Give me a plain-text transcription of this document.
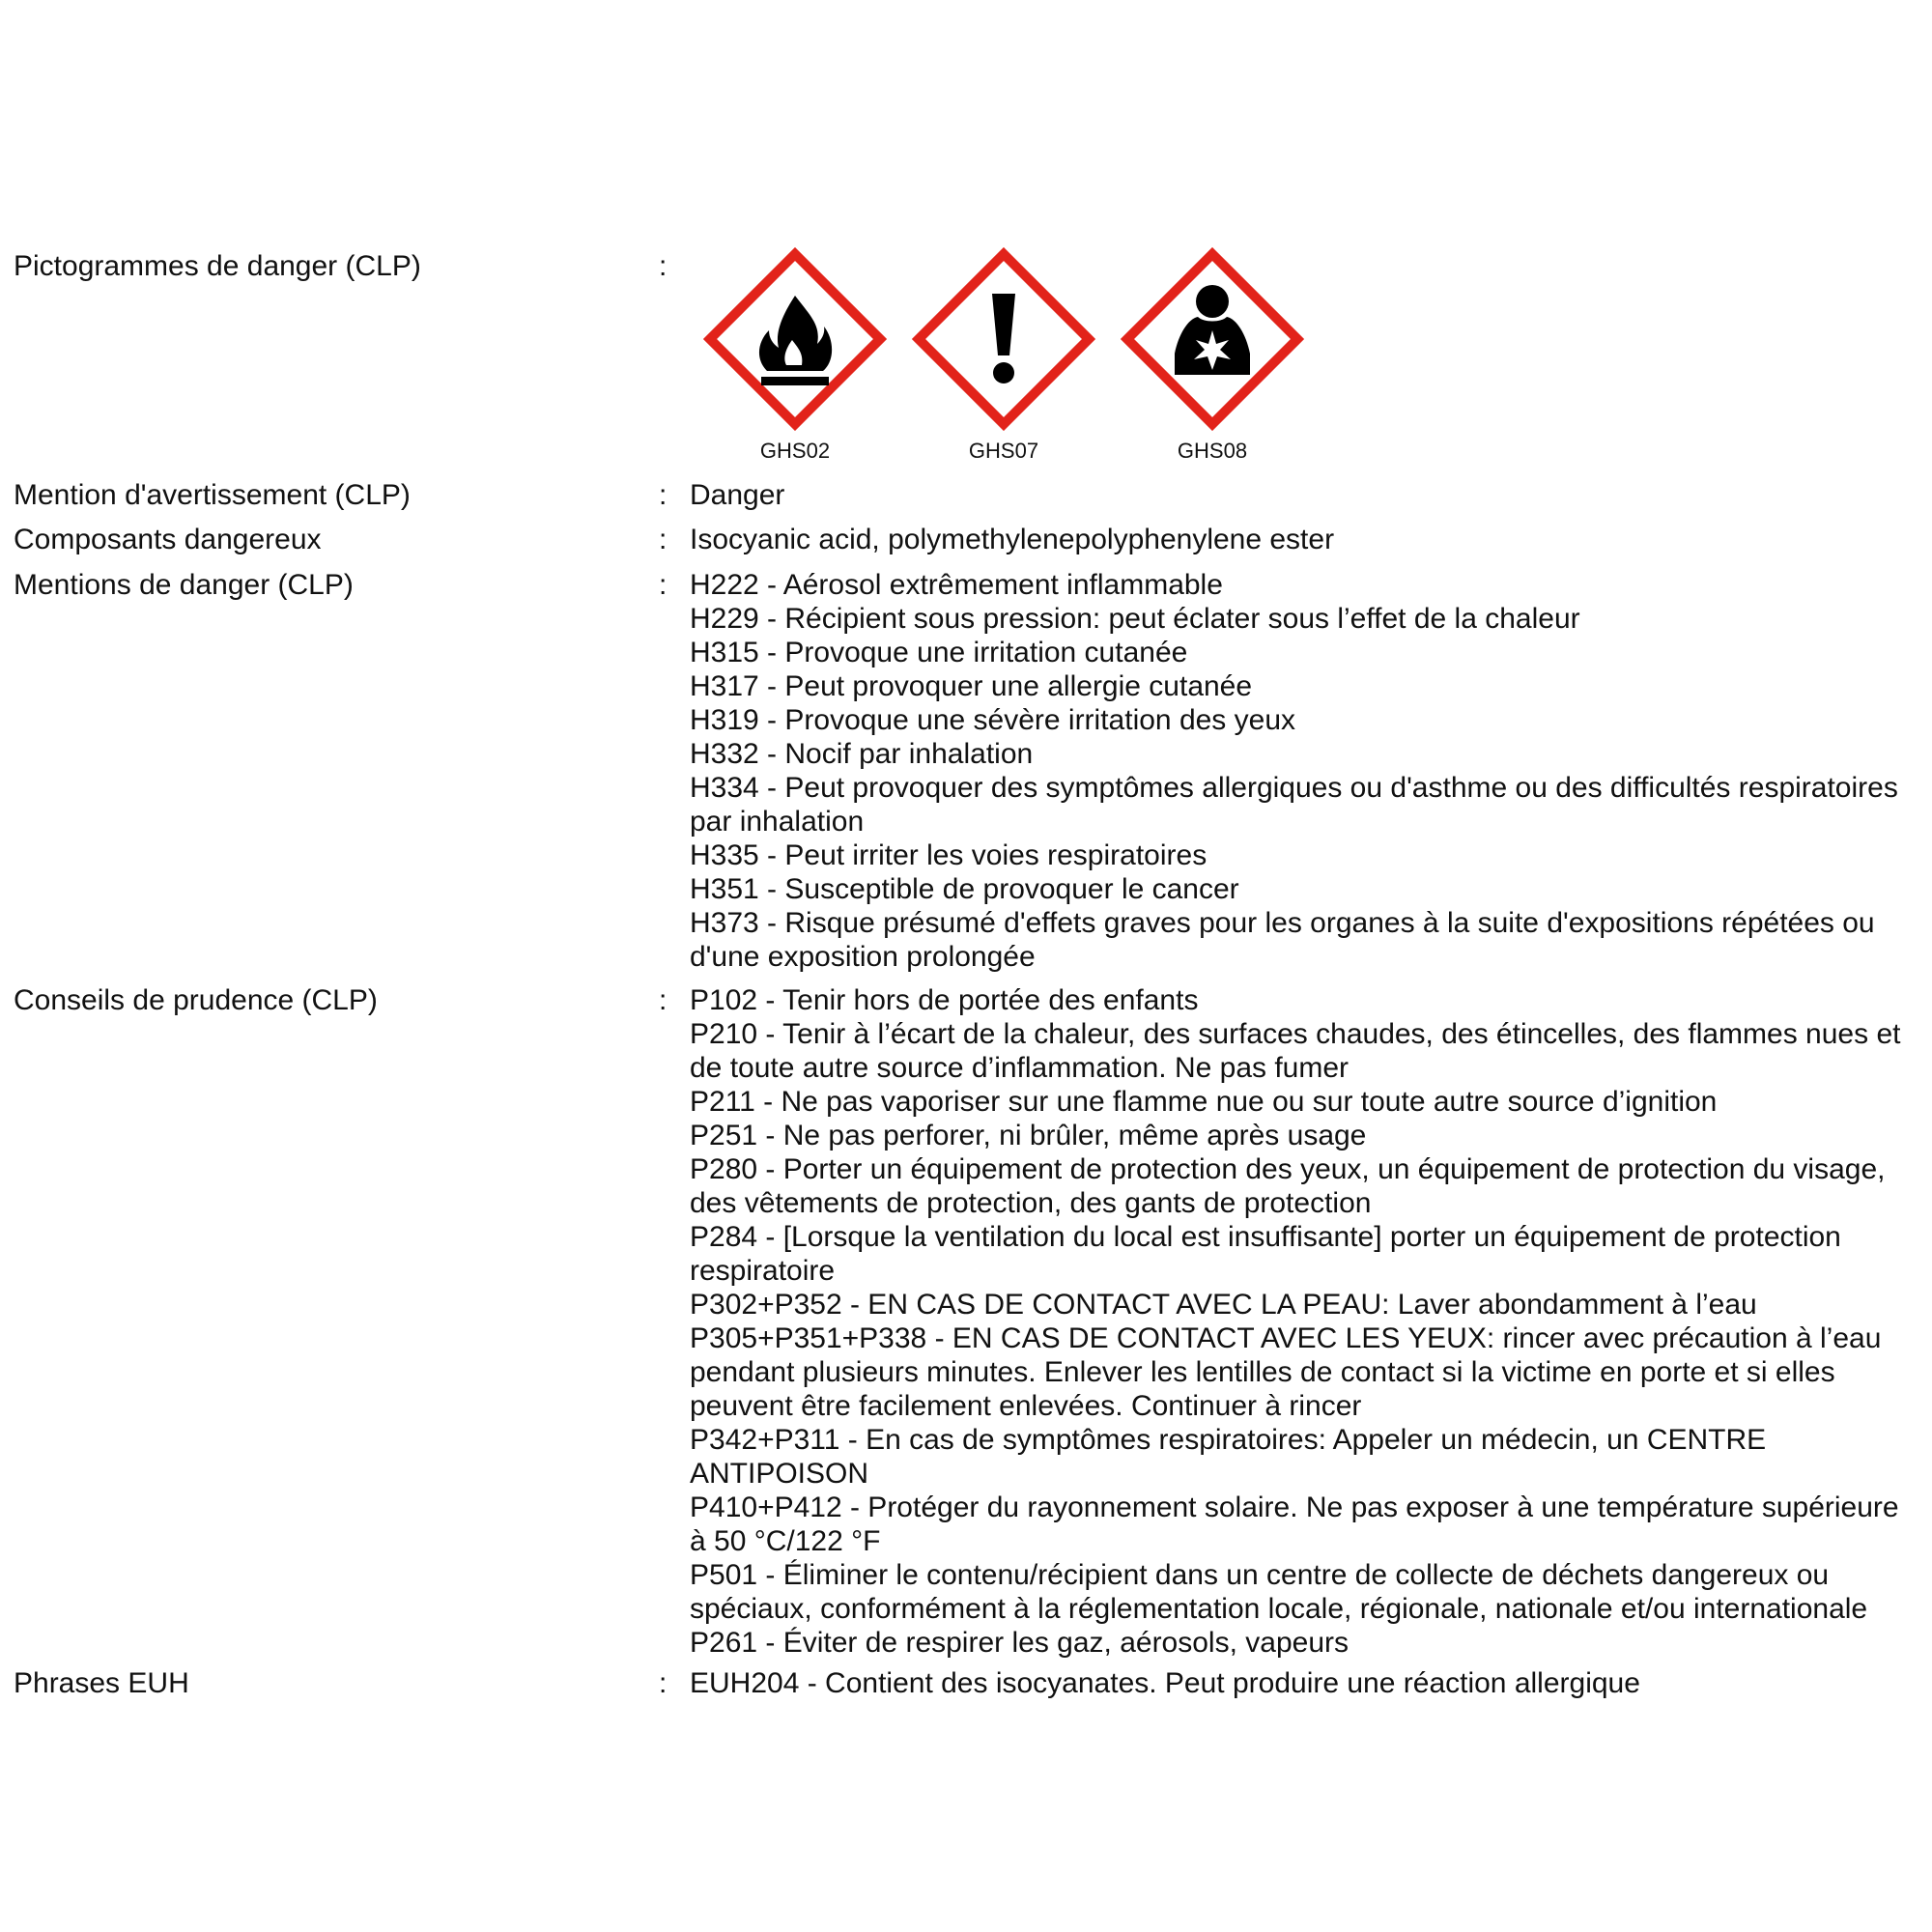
Pictogrammes de danger (CLP)	:
GHS02	GHS07	GHS08
Mention d'avertissement (CLP)	: Danger
Composants dangereux	: Isocyanic acid, polymethylenepolyphenylene ester
Mentions de danger (CLP)	: H222 - Aérosol extrêmement inflammable
H229 - Récipient sous pression: peut éclater sous l’effet de la chaleur
H315 - Provoque une irritation cutanée
H317 - Peut provoquer une allergie cutanée
H319 - Provoque une sévère irritation des yeux
H332 - Nocif par inhalation
H334 - Peut provoquer des symptômes allergiques ou d'asthme ou des difficultés respiratoires par inhalation
H335 - Peut irriter les voies respiratoires
H351 - Susceptible de provoquer le cancer
H373 - Risque présumé d'effets graves pour les organes à la suite d'expositions répétées ou d'une exposition prolongée
Conseils de prudence (CLP)	: P102 - Tenir hors de portée des enfants
P210 - Tenir à l’écart de la chaleur, des surfaces chaudes, des étincelles, des flammes nues et de toute autre source d’inflammation. Ne pas fumer
P211 - Ne pas vaporiser sur une flamme nue ou sur toute autre source d’ignition
P251 - Ne pas perforer, ni brûler, même après usage
P280 - Porter un équipement de protection des yeux, un équipement de protection du visage, des vêtements de protection, des gants de protection
P284 - [Lorsque la ventilation du local est insuffisante] porter un équipement de protection respiratoire
P302+P352 - EN CAS DE CONTACT AVEC LA PEAU: Laver abondamment à l’eau
P305+P351+P338 - EN CAS DE CONTACT AVEC LES YEUX: rincer avec précaution à l’eau pendant plusieurs minutes. Enlever les lentilles de contact si la victime en porte et si elles peuvent être facilement enlevées. Continuer à rincer
P342+P311 - En cas de symptômes respiratoires: Appeler un médecin, un CENTRE ANTIPOISON
P410+P412 - Protéger du rayonnement solaire. Ne pas exposer à une température supérieure à 50 °C/122 °F
P501 - Éliminer le contenu/récipient dans un centre de collecte de déchets dangereux ou spéciaux, conformément à la réglementation locale, régionale, nationale et/ou internationale
P261 - Éviter de respirer les gaz, aérosols, vapeurs
Phrases EUH	: EUH204 - Contient des isocyanates. Peut produire une réaction allergique
